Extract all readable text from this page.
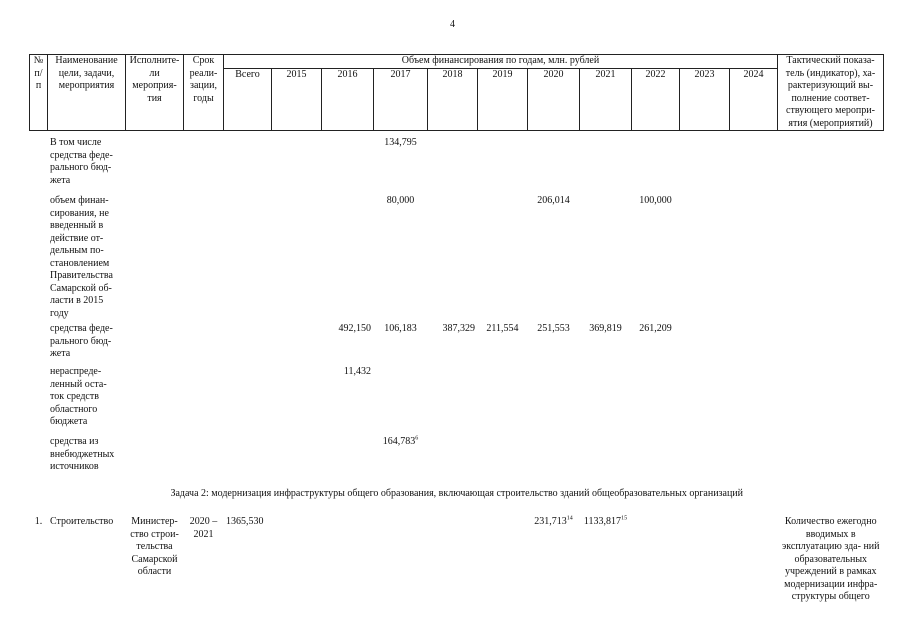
4
№ п/п	Наименование цели, задачи, мероприятия	Исполните- ли мероприя- тия	Срок реали- зации, годы	Объем финансирования по годам, млн. рублей											Тактический показа- тель (индикатор), ха- рактеризующий вы- полнение соответ- ствующего меропри- ятия (мероприятий)
				Всего	2015	2016	2017	2018	2019	2020	2021	2022	2023	2024	

	В том числе средства феде- рального бюд- жета						134,795								
	объем финан- сирования, не введенный в действие от- дельным по- становлением Правительства Самарской об- ласти в 2015 году						80,000			206,014		100,000			
	средства феде- рального бюд- жета					492,150	106,183	387,329	211,554	251,553	369,819	261,209			
	нераспреде- ленный оста- ток средств областного бюджета					11,432									
	средства из внебюджетных источников						164,783$^6$								
Задача 2: модернизация инфраструктуры общего образования, включающая строительство зданий общеобразовательных организаций															
1.	Строительство	Министер- ство строи- тельства Самарской области	2020 – 2021	1365,530						231,713$^{14}$	1133,817$^{15}$				Количество ежегодно вводимых в эксплуатацию зда- ний образовательных учреждений в рамках модернизации инфра- структуры общего
